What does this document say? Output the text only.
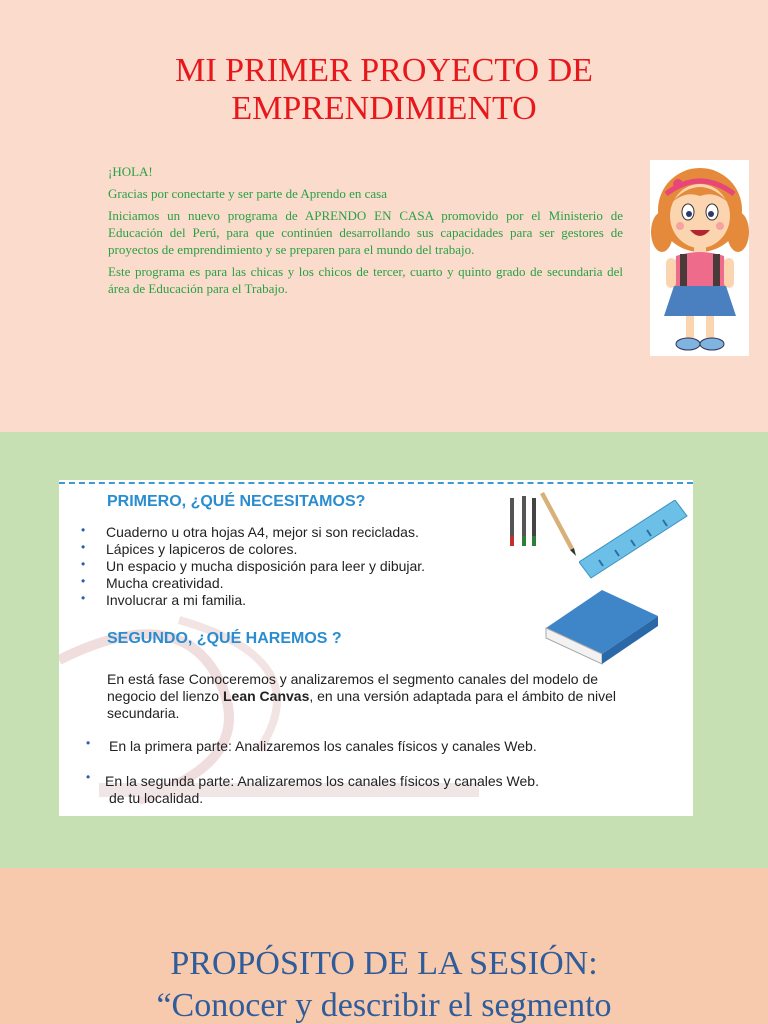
MI PRIMER PROYECTO DE
EMPRENDIMIENTO

¡HOLA!

Gracias por conectarte y ser parte de Aprendo en casa

Iniciamos un nuevo programa de APRENDO EN CASA promovido por el Ministerio de Educación del Perú, para que continúen desarrollando sus capacidades para ser gestores de proyectos de emprendimiento y se preparen para el mundo del trabajo.

Este programa es para las chicas y los chicos de tercer, cuarto y quinto grado de secundaria del área de Educación para el Trabajo.

PRIMERO, ¿QUÉ NECESITAMOS?
• Cuaderno u otra hojas A4, mejor si son recicladas.
• Lápices y lapiceros de colores.
• Un espacio y mucha disposición para leer y dibujar.
• Mucha creatividad.
• Involucrar a mi familia.
SEGUNDO, ¿QUÉ HAREMOS ?
En está fase Conoceremos y analizaremos el segmento canales del modelo de negocio del lienzo Lean Canvas, en una versión adaptada para el ámbito de nivel secundaria.
• En la primera parte: Analizaremos los canales físicos y canales Web.
• En la segunda parte: Analizaremos los canales físicos y canales Web.
de tu localidad.
PROPÓSITO DE LA SESIÓN:
“Conocer y describir el segmento
